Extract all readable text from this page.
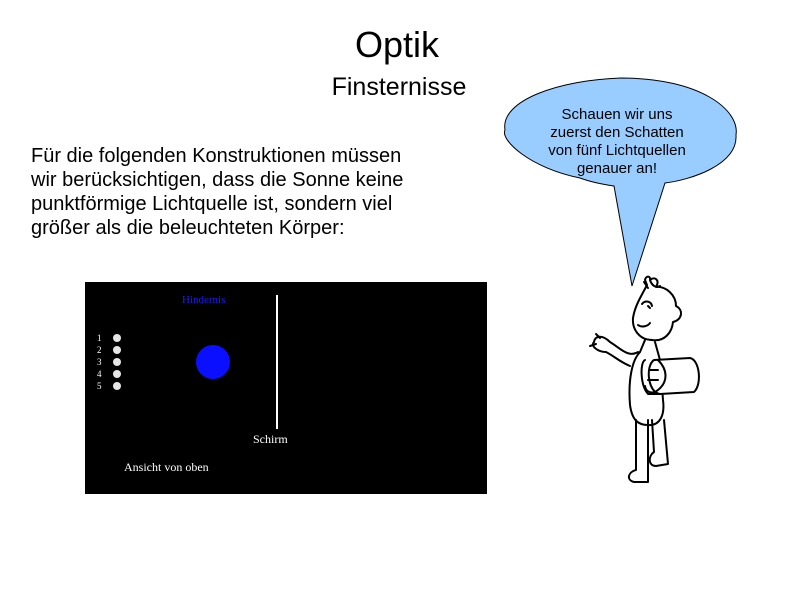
Optik
Finsternisse
Für die folgenden Konstruktionen müssen
wir berücksichtigen, dass die Sonne keine
punktförmige Lichtquelle ist, sondern viel
größer als die beleuchteten Körper:
Schauen wir uns
zuerst den Schatten
von fünf Lichtquellen
genauer an!
Hindernis
1
2
3
4
5
Schirm
Ansicht von oben
